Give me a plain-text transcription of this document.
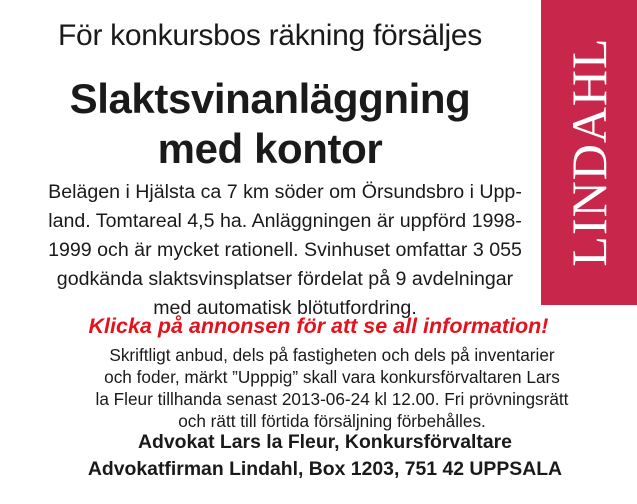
För konkursbos räkning försäljes
Slaktsvinanläggning
med kontor
Belägen i Hjälsta ca 7 km söder om Örsundsbro i Upp-
land. Tomtareal 4,5 ha. Anläggningen är uppförd 1998-
1999 och är mycket rationell. Svinhuset omfattar 3 055
godkända slaktsvinsplatser fördelat på 9 avdelningar
med automatisk blötutfordring.
Klicka på annonsen för att se all information!
Skriftligt anbud, dels på fastigheten och dels på inventarier
och foder, märkt ”Upppig” skall vara konkursförvaltaren Lars
la Fleur tillhanda senast 2013-06-24 kl 12.00. Fri prövningsrätt
och rätt till förtida försäljning förbehålles.
Advokat Lars la Fleur, Konkursförvaltare
Advokatfirman Lindahl, Box 1203, 751 42 UPPSALA
LINDAHL
